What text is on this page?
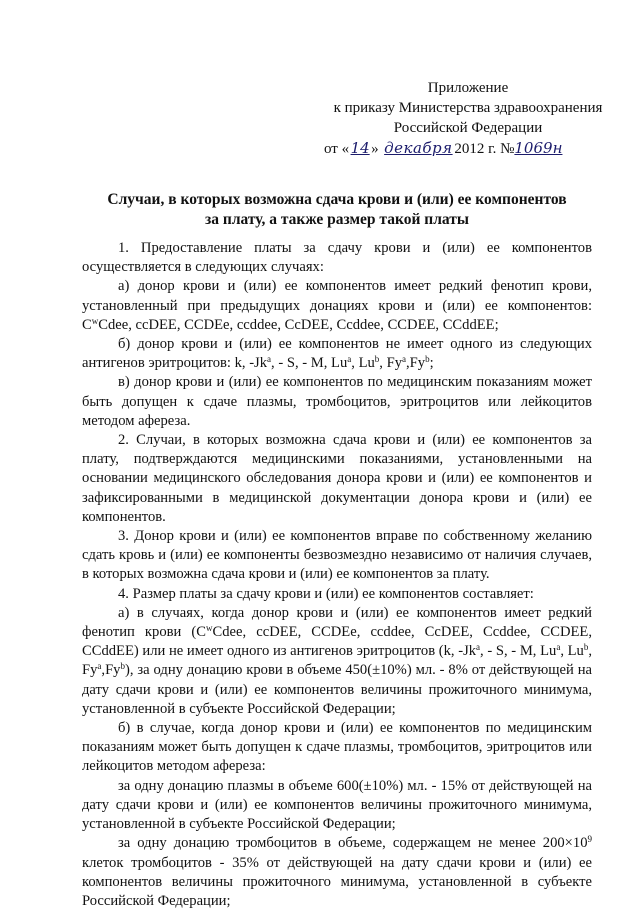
Приложение
к приказу Министерства здравоохранения
Российской Федерации
от «14» декабря 2012 г. №1069н
Случаи, в которых возможна сдача крови и (или) ее компонентов
за плату, а также размер такой платы

1. Предоставление платы за сдачу крови и (или) ее компонентов осуществляется в следующих случаях:

а) донор крови и (или) ее компонентов имеет редкий фенотип крови, установленный при предыдущих донациях крови и (или) ее компонентов: $C^wCdee$, ccDEE, CCDEe, ccddee, CcDEE, Ccddee, CCDEE, CCddEE;

б) донор крови и (или) ее компонентов не имеет одного из следующих антигенов эритроцитов: k, -Jk$^a$, - S, - M, Lu$^a$, Lu$^b$, Fy$^a$,Fy$^b$;

в) донор крови и (или) ее компонентов по медицинским показаниям может быть допущен к сдаче плазмы, тромбоцитов, эритроцитов или лейкоцитов методом афереза.

2. Случаи, в которых возможна сдача крови и (или) ее компонентов за плату, подтверждаются медицинскими показаниями, установленными на основании медицинского обследования донора крови и (или) ее компонентов и зафиксированными в медицинской документации донора крови и (или) ее компонентов.

3. Донор крови и (или) ее компонентов вправе по собственному желанию сдать кровь и (или) ее компоненты безвозмездно независимо от наличия случаев, в которых возможна сдача крови и (или) ее компонентов за плату.

4. Размер платы за сдачу крови и (или) ее компонентов составляет:

а) в случаях, когда донор крови и (или) ее компонентов имеет редкий фенотип крови ($C^wCdee$, ccDEE, CCDEe, ccddee, CcDEE, Ccddee, CCDEE, CCddEE) или не имеет одного из антигенов эритроцитов (k, -Jk$^a$, - S, - M, Lu$^a$, Lu$^b$, Fy$^a$,Fy$^b$), за одну донацию крови в объеме 450(±10%) мл. - 8% от действующей на дату сдачи крови и (или) ее компонентов величины прожиточного минимума, установленной в субъекте Российской Федерации;

б) в случае, когда донор крови и (или) ее компонентов по медицинским показаниям может быть допущен к сдаче плазмы, тромбоцитов, эритроцитов или лейкоцитов методом афереза:

за одну донацию плазмы в объеме 600(±10%) мл. - 15% от действующей на дату сдачи крови и (или) ее компонентов величины прожиточного минимума, установленной в субъекте Российской Федерации;

за одну донацию тромбоцитов в объеме, содержащем не менее $200\times 10^9$ клеток тромбоцитов - 35% от действующей на дату сдачи крови и (или) ее компонентов величины прожиточного минимума, установленной в субъекте Российской Федерации;
